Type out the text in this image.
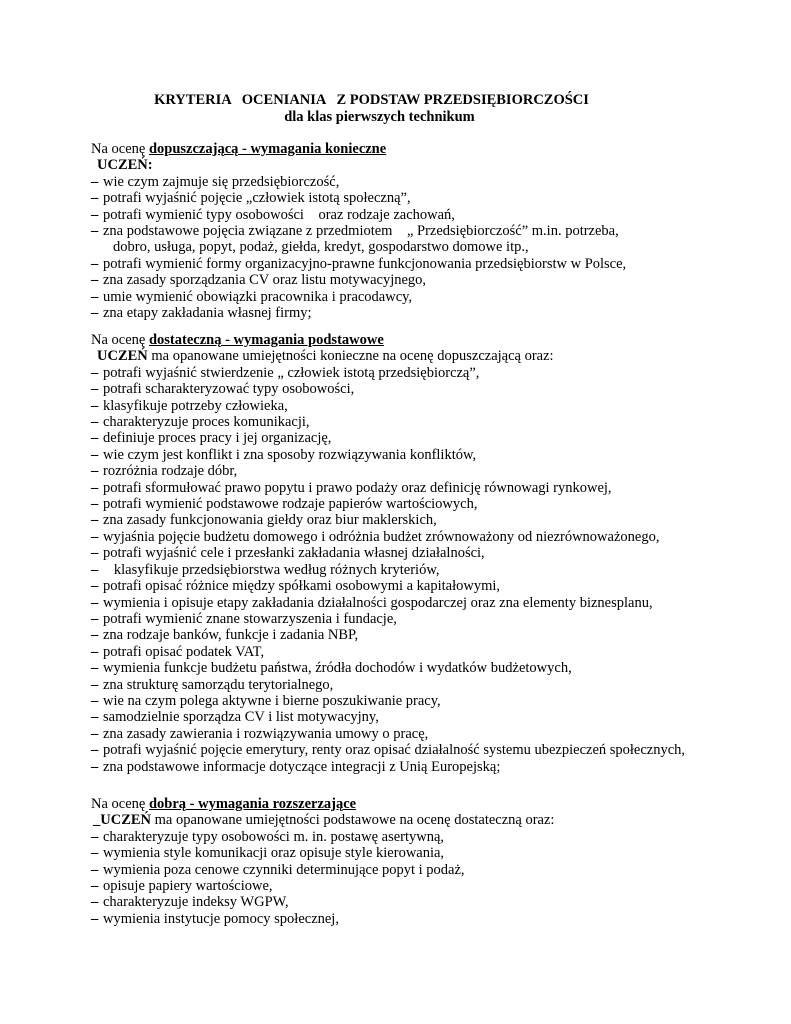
KRYTERIA   OCENIANIA   Z PODSTAW PRZEDSIĘBIORCZOŚCI
dla klas pierwszych technikum

Na ocenę dopuszczającą - wymagania konieczne

UCZEŃ:

– wie czym zajmuje się przedsiębiorczość,
– potrafi wyjaśnić pojęcie „człowiek istotą społeczną”,
– potrafi wymienić typy osobowości    oraz rodzaje zachowań,
– zna podstawowe pojęcia związane z przedmiotem    „ Przedsiębiorczość” m.in. potrzeba,
dobro, usługa, popyt, podaż, giełda, kredyt, gospodarstwo domowe itp.,
– potrafi wymienić formy organizacyjno-prawne funkcjonowania przedsiębiorstw w Polsce,
– zna zasady sporządzania CV oraz listu motywacyjnego,
– umie wymienić obowiązki pracownika i pracodawcy,
– zna etapy zakładania własnej firmy;

Na ocenę dostateczną - wymagania podstawowe

UCZEŃ ma opanowane umiejętności konieczne na ocenę dopuszczającą oraz:

– potrafi wyjaśnić stwierdzenie „ człowiek istotą przedsiębiorczą”,
– potrafi scharakteryzować typy osobowości,
– klasyfikuje potrzeby człowieka,
– charakteryzuje proces komunikacji,
– definiuje proces pracy i jej organizację,
– wie czym jest konflikt i zna sposoby rozwiązywania konfliktów,
– rozróżnia rodzaje dóbr,
– potrafi sformułować prawo popytu i prawo podaży oraz definicję równowagi rynkowej,
– potrafi wymienić podstawowe rodzaje papierów wartościowych,
– zna zasady funkcjonowania giełdy oraz biur maklerskich,
– wyjaśnia pojęcie budżetu domowego i odróżnia budżet zrównoważony od niezrównoważonego,
– potrafi wyjaśnić cele i przesłanki zakładania własnej działalności,
– klasyfikuje przedsiębiorstwa według różnych kryteriów,
– potrafi opisać różnice między spółkami osobowymi a kapitałowymi,
– wymienia i opisuje etapy zakładania działalności gospodarczej oraz zna elementy biznesplanu,
– potrafi wymienić znane stowarzyszenia i fundacje,
– zna rodzaje banków, funkcje i zadania NBP,
– potrafi opisać podatek VAT,
– wymienia funkcje budżetu państwa, źródła dochodów i wydatków budżetowych,
– zna strukturę samorządu terytorialnego,
– wie na czym polega aktywne i bierne poszukiwanie pracy,
– samodzielnie sporządza CV i list motywacyjny,
– zna zasady zawierania i rozwiązywania umowy o pracę,
– potrafi wyjaśnić pojęcie emerytury, renty oraz opisać działalność systemu ubezpieczeń społecznych,
– zna podstawowe informacje dotyczące integracji z Unią Europejską;

Na ocenę dobrą - wymagania rozszerzające

_UCZEŃ ma opanowane umiejętności podstawowe na ocenę dostateczną oraz:

– charakteryzuje typy osobowości m. in. postawę asertywną,
– wymienia style komunikacji oraz opisuje style kierowania,
– wymienia poza cenowe czynniki determinujące popyt i podaż,
– opisuje papiery wartościowe,
– charakteryzuje indeksy WGPW,
– wymienia instytucje pomocy społecznej,
